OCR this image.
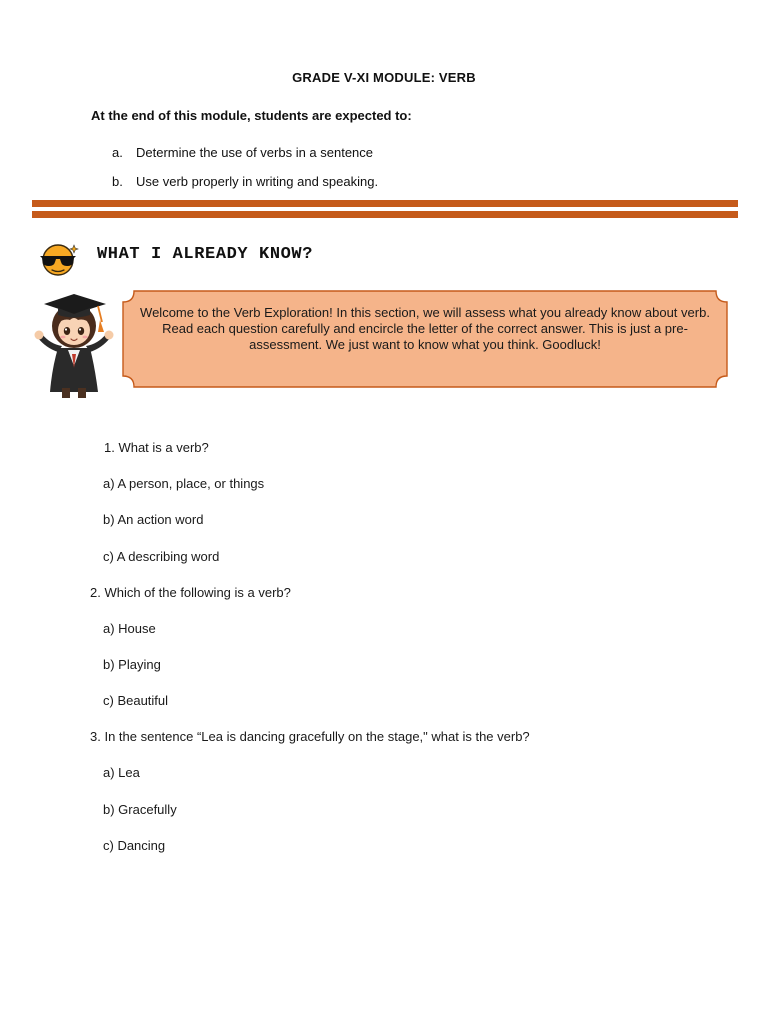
GRADE V-XI MODULE: VERB
At the end of this module, students are expected to:
a. Determine the use of verbs in a sentence
b. Use verb properly in writing and speaking.
WHAT I ALREADY KNOW?
Welcome to the Verb Exploration! In this section, we will assess what you already know about verb. Read each question carefully and encircle the letter of the correct answer. This is just a pre-assessment. We just want to know what you think. Goodluck!
1. What is a verb?
a) A person, place, or things
b) An action word
c) A describing word
2. Which of the following is a verb?
a) House
b) Playing
c) Beautiful
3. In the sentence “Lea is dancing gracefully on the stage," what is the verb?
a) Lea
b) Gracefully
c) Dancing
